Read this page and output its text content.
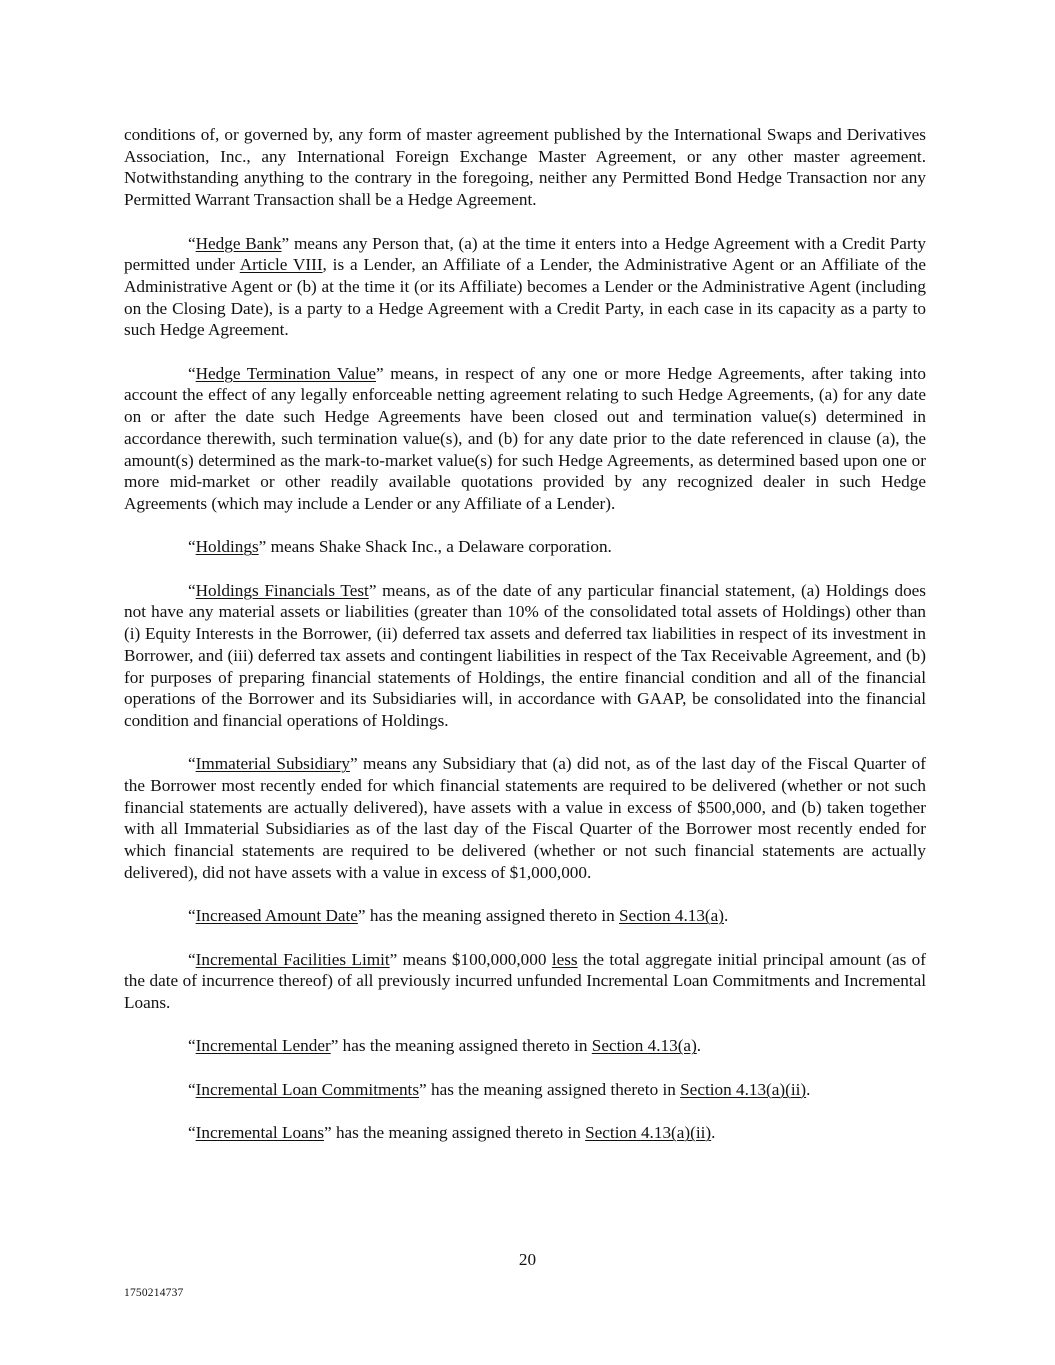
conditions of, or governed by, any form of master agreement published by the International Swaps and Derivatives Association, Inc., any International Foreign Exchange Master Agreement, or any other master agreement. Notwithstanding anything to the contrary in the foregoing, neither any Permitted Bond Hedge Transaction nor any Permitted Warrant Transaction shall be a Hedge Agreement.

“Hedge Bank” means any Person that, (a) at the time it enters into a Hedge Agreement with a Credit Party permitted under Article VIII, is a Lender, an Affiliate of a Lender, the Administrative Agent or an Affiliate of the Administrative Agent or (b) at the time it (or its Affiliate) becomes a Lender or the Administrative Agent (including on the Closing Date), is a party to a Hedge Agreement with a Credit Party, in each case in its capacity as a party to such Hedge Agreement.

“Hedge Termination Value” means, in respect of any one or more Hedge Agreements, after taking into account the effect of any legally enforceable netting agreement relating to such Hedge Agreements, (a) for any date on or after the date such Hedge Agreements have been closed out and termination value(s) determined in accordance therewith, such termination value(s), and (b) for any date prior to the date referenced in clause (a), the amount(s) determined as the mark-to-market value(s) for such Hedge Agreements, as determined based upon one or more mid-market or other readily available quotations provided by any recognized dealer in such Hedge Agreements (which may include a Lender or any Affiliate of a Lender).

“Holdings” means Shake Shack Inc., a Delaware corporation.

“Holdings Financials Test” means, as of the date of any particular financial statement, (a) Holdings does not have any material assets or liabilities (greater than 10% of the consolidated total assets of Holdings) other than (i) Equity Interests in the Borrower, (ii) deferred tax assets and deferred tax liabilities in respect of its investment in Borrower, and (iii) deferred tax assets and contingent liabilities in respect of the Tax Receivable Agreement, and (b) for purposes of preparing financial statements of Holdings, the entire financial condition and all of the financial operations of the Borrower and its Subsidiaries will, in accordance with GAAP, be consolidated into the financial condition and financial operations of Holdings.

“Immaterial Subsidiary” means any Subsidiary that (a) did not, as of the last day of the Fiscal Quarter of the Borrower most recently ended for which financial statements are required to be delivered (whether or not such financial statements are actually delivered), have assets with a value in excess of $500,000, and (b) taken together with all Immaterial Subsidiaries as of the last day of the Fiscal Quarter of the Borrower most recently ended for which financial statements are required to be delivered (whether or not such financial statements are actually delivered), did not have assets with a value in excess of $1,000,000.

“Increased Amount Date” has the meaning assigned thereto in Section 4.13(a).

“Incremental Facilities Limit” means $100,000,000 less the total aggregate initial principal amount (as of the date of incurrence thereof) of all previously incurred unfunded Incremental Loan Commitments and Incremental Loans.

“Incremental Lender” has the meaning assigned thereto in Section 4.13(a).

“Incremental Loan Commitments” has the meaning assigned thereto in Section 4.13(a)(ii).

“Incremental Loans” has the meaning assigned thereto in Section 4.13(a)(ii).

20
1750214737
